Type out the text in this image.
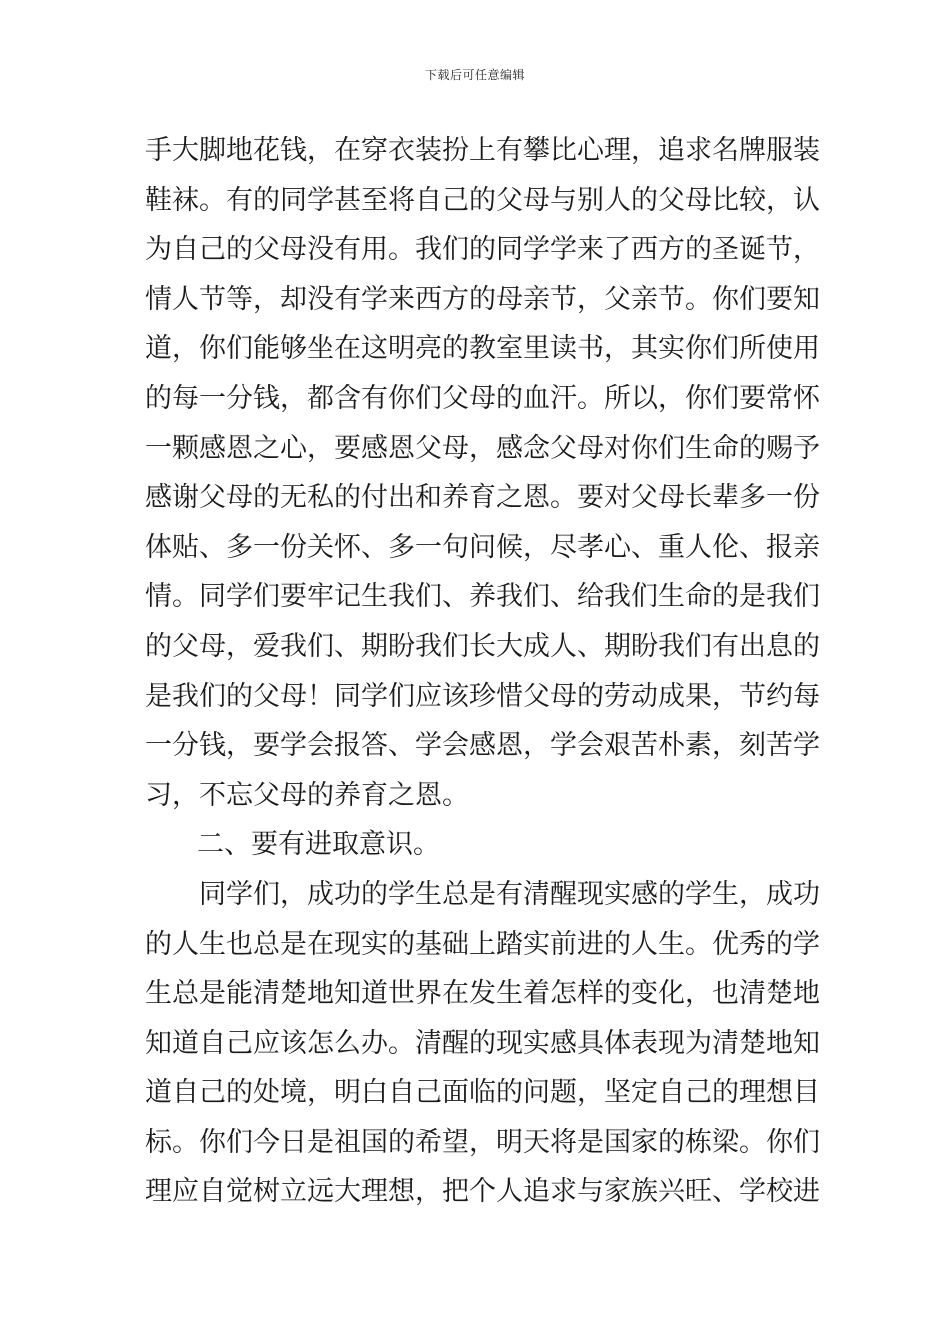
下载后可任意编辑
手大脚地花钱，在穿衣装扮上有攀比心理，追求名牌服装
鞋袜。有的同学甚至将自己的父母与别人的父母比较，认
为自己的父母没有用。我们的同学学来了西方的圣诞节，
情人节等，却没有学来西方的母亲节，父亲节。你们要知
道，你们能够坐在这明亮的教室里读书，其实你们所使用
的每一分钱，都含有你们父母的血汗。所以，你们要常怀
一颗感恩之心，要感恩父母，感念父母对你们生命的赐予
感谢父母的无私的付出和养育之恩。要对父母长辈多一份
体贴、多一份关怀、多一句问候，尽孝心、重人伦、报亲
情。同学们要牢记生我们、养我们、给我们生命的是我们
的父母，爱我们、期盼我们长大成人、期盼我们有出息的
是我们的父母！同学们应该珍惜父母的劳动成果，节约每
一分钱，要学会报答、学会感恩，学会艰苦朴素，刻苦学
习，不忘父母的养育之恩。
二、要有进取意识。
同学们，成功的学生总是有清醒现实感的学生，成功
的人生也总是在现实的基础上踏实前进的人生。优秀的学
生总是能清楚地知道世界在发生着怎样的变化，也清楚地
知道自己应该怎么办。清醒的现实感具体表现为清楚地知
道自己的处境，明白自己面临的问题，坚定自己的理想目
标。你们今日是祖国的希望，明天将是国家的栋梁。你们
理应自觉树立远大理想，把个人追求与家族兴旺、学校进
